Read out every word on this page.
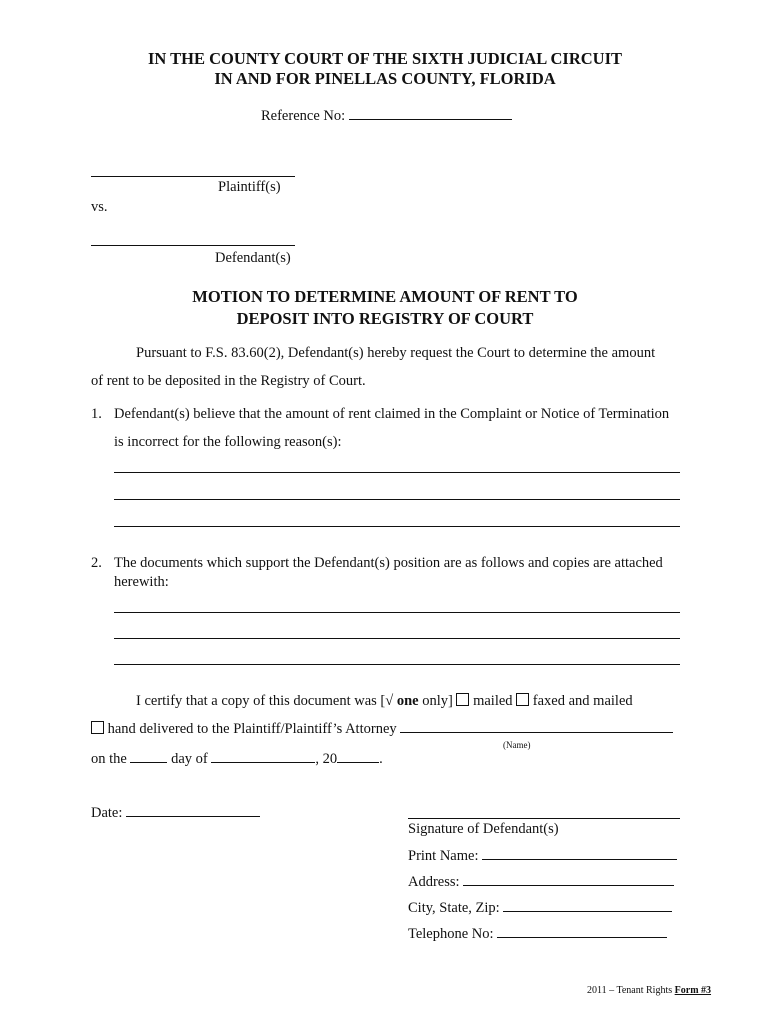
IN THE COUNTY COURT OF THE SIXTH JUDICIAL CIRCUIT
IN AND FOR PINELLAS COUNTY, FLORIDA
Reference No:
Plaintiff(s)
vs.
Defendant(s)
MOTION TO DETERMINE AMOUNT OF RENT TO
DEPOSIT INTO REGISTRY OF COURT
Pursuant to F.S. 83.60(2), Defendant(s) hereby request the Court to determine the amount
of rent to be deposited in the Registry of Court.
1. Defendant(s) believe that the amount of rent claimed in the Complaint or Notice of Termination
is incorrect for the following reason(s):
2. The documents which support the Defendant(s) position are as follows and copies are attached
herewith:
I certify that a copy of this document was [√ one only] mailed faxed and mailed
hand delivered to the Plaintiff/Plaintiff’s Attorney
(Name)
on the	day of	, 20	.
Date:
Signature of Defendant(s)
Print Name:
Address:
City, State, Zip:
Telephone No:
2011 – Tenant Rights Form #3
